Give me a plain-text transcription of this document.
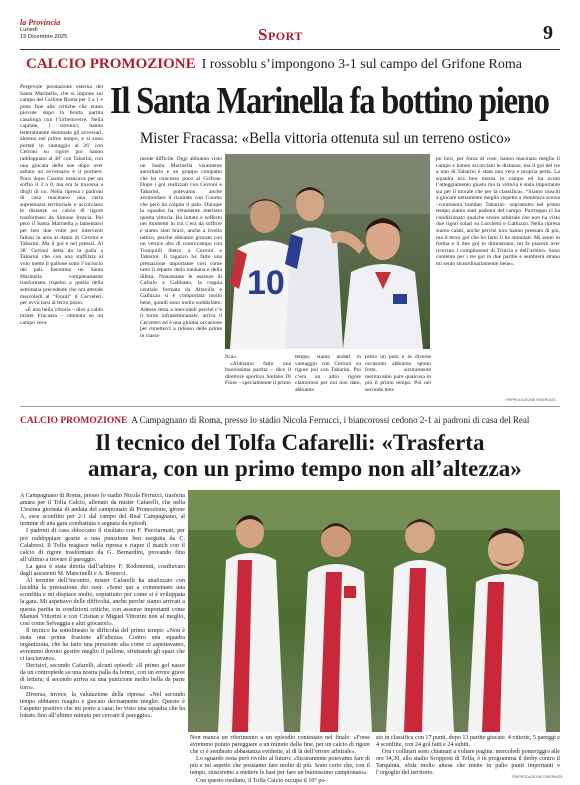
la Provincia
Lunedì
15 Dicembre 2025	Sport	9
CALCIO PROMOZIONE I rossoblu s’impongono 3-1 sul campo del Grifone Roma

Pergevole prestazione esterna del Santa Marinella, che si impone sul campo del Grifone Roma per 3 a 1 e pone fine alle critiche che erano piovute dopo la brutta partita casalinga con l’Urbeinverre. Nella capitale, i tirrenici, hanno letteralmente dominato gli avversari, almeno nel primo tempo, e si sono portati in vantaggio al 26’ con Cerroni su rigore poi hanno raddoppiato al 48’ con Tabarini, con una giocata delle sue dopo aver saltato un avversario e il portiere. Poco dopo Cuomo mancava per un soffio il 3 a 0, ma era la traversa a dirgli di no. Nella ripresa i padroni di casa macinano una certa supremazia territoriale e accorciano le distanze su calcio di rigore trasformato da Simone Irnscia. Poi però il Santa Marinella a lamentarsi per ben due volte per interventi fallosi in area ai danni di Cerroni e Tabarini. Ma il gol è nel presssi. Al 38’ Cerroni detta da la palla a Tabarini che con una staffilata al volo mette il pallone sotto l’incrocio dei pali. Insomma un Santa Marinella completamente trasformata rispetto a quella della settimana precedente che ora attende mercoledì al “Fronti” il Cerveteri, per avviciarsi al terzo posto.

«È una bella vittoria – dice a caldo mister Fracassa – ottenuta su un campo vera-

Il Santa Marinella fa bottino pieno
Mister Fracassa: «Bella vittoria ottenuta sul un terreno ostico»

mente difficile. Oggi abbiamo visto un Santa Marinella veramente autoritario e un gruppo compatto che ha concesso poco al Grifone. Dopo i gol realizzati con Cerroni e Tabarini, potevamo anche arrotondare il risultato con Cuomo che però ha colpito il palo. Dunque la squadra ha veramente meritato questa vittoria. Ha lottato e sofferto nei momenti in cui c’era da soffrire e siamo stati bravi, anche a livello tattico, perché abbiamo giocato con un vertice alto di centrocampo con Tranquilli dietro a Cerroni e Tabarini. Il ragazzo ha fatto una prestazione importante così come tutto il reparto della mediana e della difesa. Nonostante le assenze di Caforio e Gallitano, la coppia centrale formata da Altavilla e Galluzzo si è comportata molto bene, quindi sono molto soddisfatto. Adesso testa a mercoledì perché c’è il turno infrasettimanale, arriva il Cerveteri ed è una ghiotta occasione per rimetterci a ridosso delle prime in classi-

10

fica».

«Abbiamo fatto una buonissima partita – dice il direttore sportivo Stefano Di Fiore – specialmente il primo

tempo, siamo andati in vantaggio con Cerroni su rigore poi con Tabarini. Poi c’era un altro rigore clamoroso per noi non dato, abbiamo

preso un palo e in diverse occasioni abbiamo spinto forte, sicuramente meritavamo pure qualcosa in più il primo tempo. Poi nel secondo tem-

po loro, per forza di cose, hanno macinato meglio il campo e hanno accorciato le distanze, ma il gol del tre a uno di Tabarini è stata una vera e propria perla. La squadra era ben messa in campo ed ha avuto l’atteggiamento giusto ma la vittoria è stata importante sia per il morale che per la classifica». “Siamo riusciti a giocare nettamente meglio rispetto a domenica scorsa –commenta bomber Tabarini– soprattutto nel primo tempo siamo stati padroni del campo. Purtroppo ci ha condizionato qualche errore arbitrale che non ha visto due rigori solari su Lorchetti e Galluzzo. Nella ripresa siamo calati, anche perché loro hanno pressato di più, ma il terzo gol che ho fatto li ha smontati. Mi sento in forma e il due gol lo dimostrano, mi fa piacere aver ricevuto i complimenti di Trincia e dell’arbitro. Sono contento per i tre gol in due partite e sembrerà strano mi sento straordinariamente bene».

©RIPRODUZIONE RISERVATA
CALCIO PROMOZIONE A Campagnano di Roma, presso lo stadio Nicola Ferrucci, i biancorossi cedono 2-1 ai padroni di casa del Real
Il tecnico del Tolfa Cafarelli: «Trasferta
amara, con un primo tempo non all’altezza»

A Campagnano di Roma, presso lo stadio Nicola Ferrucci, trasferta amara per il Tolfa Calcio, allenato da mister Cafarelli, che nella 13esima giornata di andata del campionato di Promozione, girone A, esce sconfitto per 2-1 dal campo del Real Campagnano, al termine di una gara combattuta e segnata da episodi.

I padroni di casa sbloccano il risultato con F. Pucciarmati, per poi raddoppiare grazie a una punizione ben eseguita da C. Calabresi. Il Tolfa reagisce nella ripresa e riapre il match con il calcio di rigore trasformato da G. Bernardini, provando fino all’ultimo a trovare il pareggio.

La gara è stata diretta dall’arbitro F. Rodomonti, coadiuvato dagli assistenti M. Mancinelli e A. Bonucci.

Al termine dell’incontro, mister Cafarelli ha analizzato con lucidità la prestazione dei suoi: «Sono qui a commentare una sconfitta e mi dispiace molto, soprattutto per come si è sviluppata la gara. Mi aspettavo delle difficoltà, anche perché siamo arrivati a questa partita in condizioni critiche, con assenze importanti come Manuel Vittorini e con Cristian e Miguel Vittorini non al meglio, così come Selvaggia e altri giocatori».

Il tecnico ha sottolineato le difficoltà del primo tempo: «Non è stata una prima frazione all’altezza. Contro una squadra organizzata, che ha fatto una pressione alta come ci aspettavamo, avremmo dovuto gestire meglio il pallone, sfruttando gli spazi che ci lasciavano».

Decisivi, secondo Cafarelli, alcuni episodi: «Il primo gol nasce da un contropiede su una nostra palla da fermo, con un errore grave di lettura; il secondo arriva su una punizione molto bella da parte loro».

Diversa, invece, la valutazione della ripresa: «Nel secondo tempo abbiamo reagito e giocato decisamente meglio. Questo è l’aspetto positivo che mi porto a casa; ho visto una squadra che ha lottato fino all’ultimo minuto per cercare il pareggio».

Non manca un riferimento a un episodio contestato nel finale: «Forse avremmo potuto pareggiare a un minuto dalla fine, per un calcio di rigore che ci è sembrato abbastanza evidente, al di là dell’errore arbitrale».

Lo sguardo resta però rivolto al futuro: «Sicuramente potevamo fare di più e mi aspetto che possiamo fare molto di più. Sono certo che, con il tempo, riusciremo a mettere le basi per fare un buonissimo campionato».

Con questo risultato, il Tolfa Calcio occupa il 10° po-

sto in classifica con 17 punti, dopo 13 partite giocate. 4 vittorie, 5 pareggi e 4 sconfitte, con 24 gol fatti e 24 subiti.

Ora i collinari sono chiamati a voltare pagina: mercoledì pomeriggio alle ore 14,30, allo stadio Scopponi di Tolfa, è in programma il derby contro il Tarquinia, sfida molto attesa che mette in palio punti importanti e l’orgoglio del territorio.

©RIPRODUZIONE RISERVATA
